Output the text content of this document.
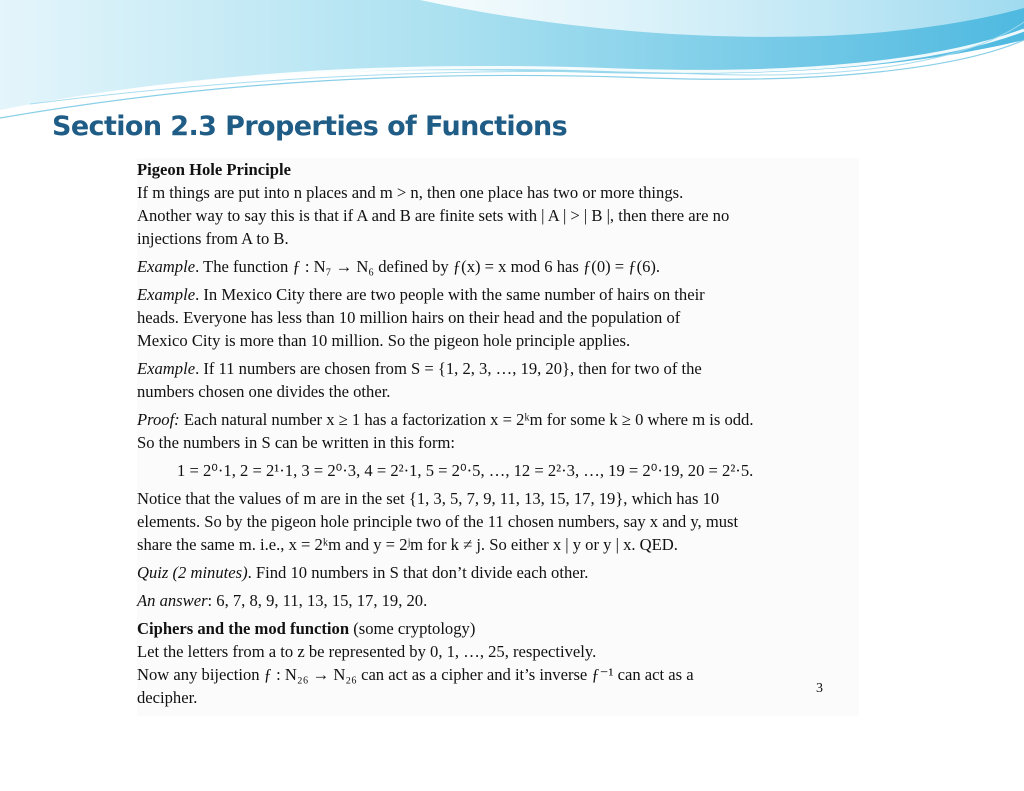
Section 2.3 Properties of Functions

Pigeon Hole Principle

If m things are put into n places and m > n, then one place has two or more things.

Another way to say this is that if A and B are finite sets with | A | > | B |, then there are no

injections from A to B.

Example. The function ƒ : N₇ → N₆ defined by ƒ(x) = x mod 6 has ƒ(0) = ƒ(6).

Example. In Mexico City there are two people with the same number of hairs on their

heads. Everyone has less than 10 million hairs on their head and the population of

Mexico City is more than 10 million. So the pigeon hole principle applies.

Example. If 11 numbers are chosen from S = {1, 2, 3, …, 19, 20}, then for two of the

numbers chosen one divides the other.

Proof: Each natural number x ≥ 1 has a factorization x = 2ᵏm for some k ≥ 0 where m is odd.

So the numbers in S can be written in this form:

1 = 2⁰·1, 2 = 2¹·1, 3 = 2⁰·3, 4 = 2²·1, 5 = 2⁰·5, …, 12 = 2²·3, …, 19 = 2⁰·19, 20 = 2²·5.

Notice that the values of m are in the set {1, 3, 5, 7, 9, 11, 13, 15, 17, 19}, which has 10

elements. So by the pigeon hole principle two of the 11 chosen numbers, say x and y, must

share the same m. i.e., x = 2ᵏm and y = 2ʲm for k ≠ j. So either x | y or y | x. QED.

Quiz (2 minutes). Find 10 numbers in S that don’t divide each other.

An answer: 6, 7, 8, 9, 11, 13, 15, 17, 19, 20.

Ciphers and the mod function (some cryptology)

Let the letters from a to z be represented by 0, 1, …, 25, respectively.

Now any bijection ƒ : N₂₆ → N₂₆ can act as a cipher and it’s inverse ƒ⁻¹ can act as a

decipher.	3
